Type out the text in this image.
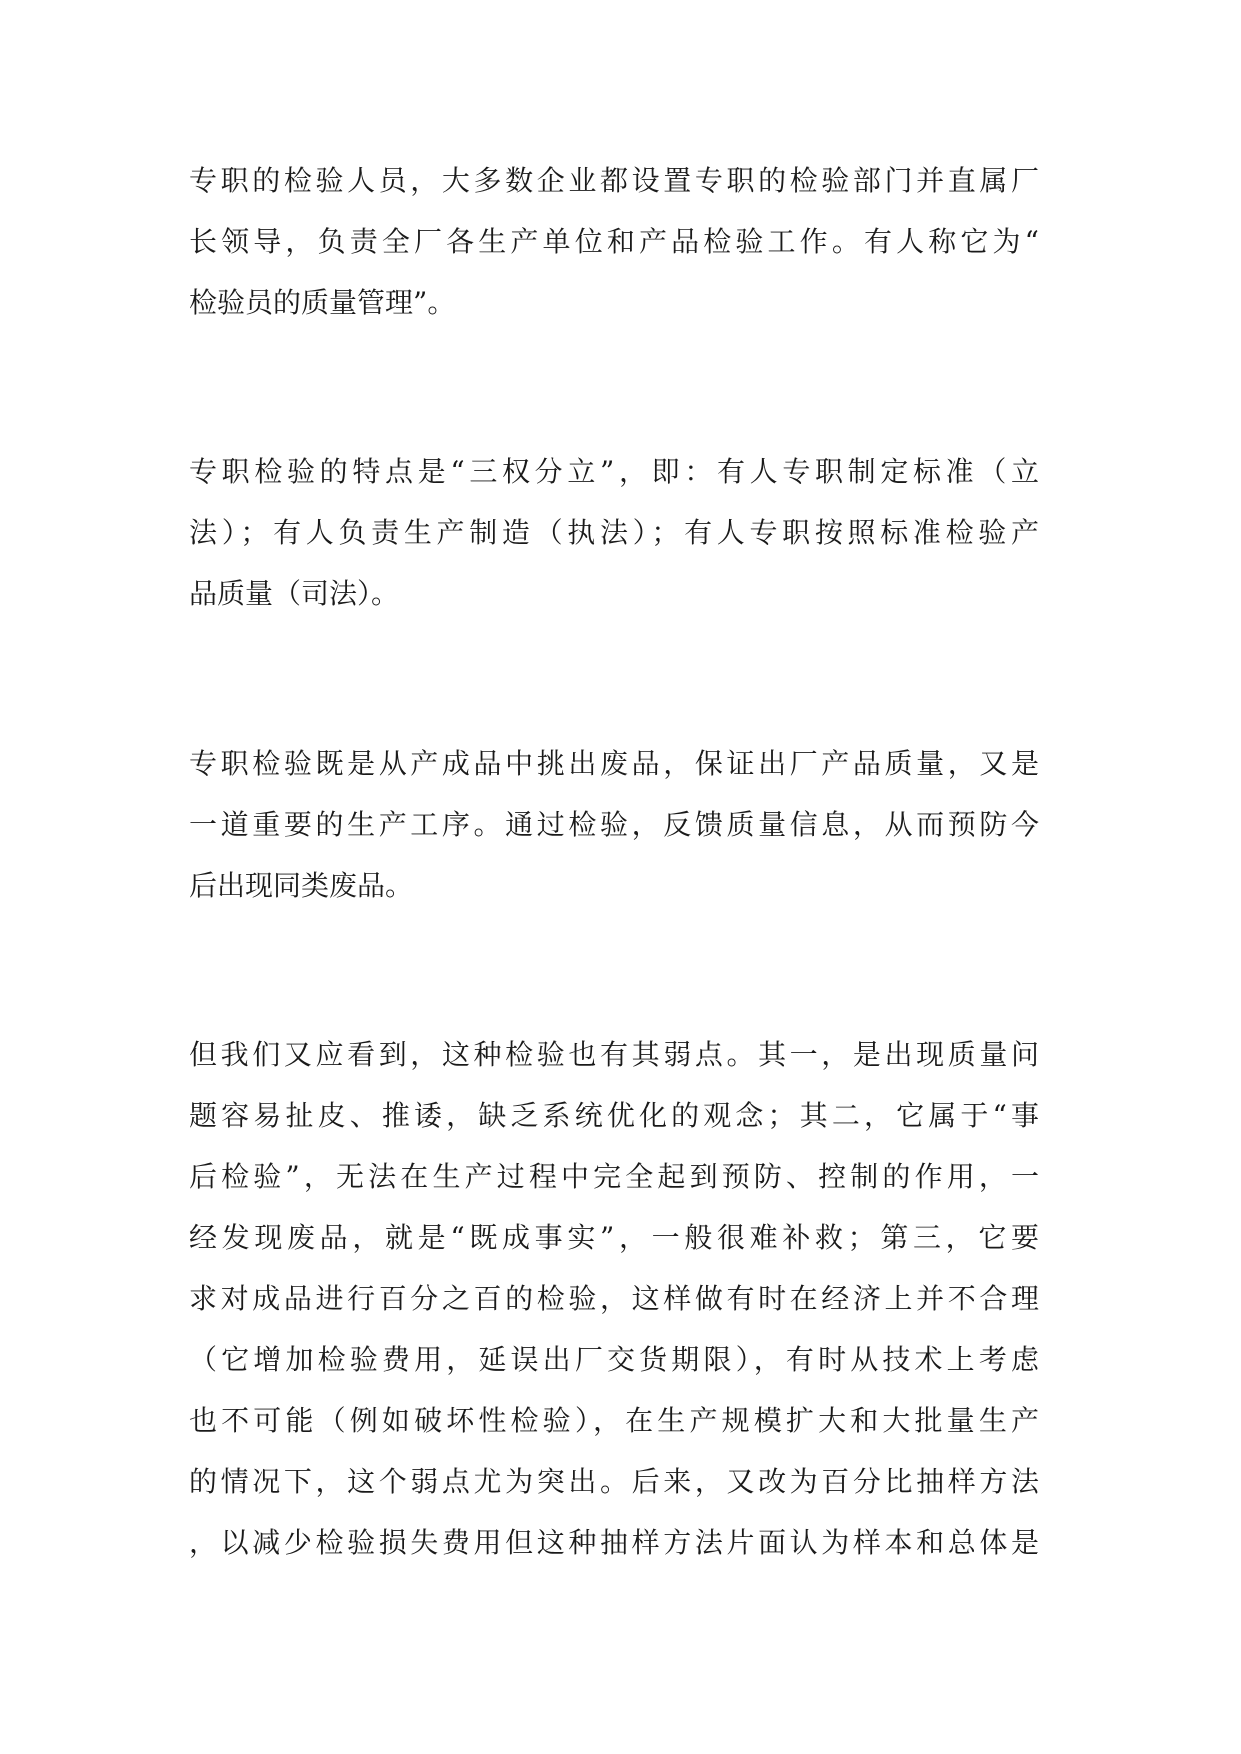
专职的检验人员，大多数企业都设置专职的检验部门并直属厂
长领导，负责全厂各生产单位和产品检验工作。有人称它为“
检验员的质量管理”。
专职检验的特点是“三权分立”，即：有人专职制定标准（立
法）；有人负责生产制造（执法）；有人专职按照标准检验产
品质量（司法）。
专职检验既是从产成品中挑出废品，保证出厂产品质量，又是
一道重要的生产工序。通过检验，反馈质量信息，从而预防今
后出现同类废品。
但我们又应看到，这种检验也有其弱点。其一，是出现质量问
题容易扯皮、推诿，缺乏系统优化的观念；其二，它属于“事
后检验”，无法在生产过程中完全起到预防、控制的作用，一
经发现废品，就是“既成事实”，一般很难补救；第三，它要
求对成品进行百分之百的检验，这样做有时在经济上并不合理
（它增加检验费用，延误出厂交货期限），有时从技术上考虑
也不可能（例如破坏性检验），在生产规模扩大和大批量生产
的情况下，这个弱点尤为突出。后来，又改为百分比抽样方法
，以减少检验损失费用但这种抽样方法片面认为样本和总体是
